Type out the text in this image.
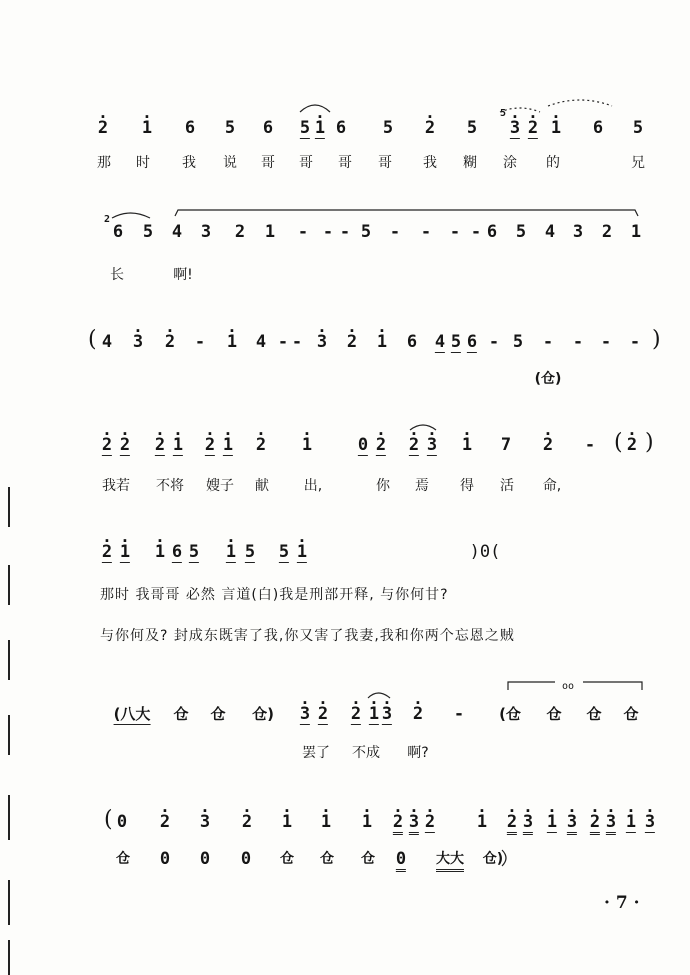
· 2 · 1 6 5 6 5 · 1 6 5 · 2 5
5
· 3 · 2 · 1 6 5
那 时 我 说 哥 哥 哥 哥 我 糊 涂 的	兄
2
6 5 4 3 2 1 - - - 5 - - - - 6 5 4 3 2 1
长	啊!
( 4 · 3 · 2 - · 1 4 - - · 3 · 2 · 1 6 4 5 6 - 5 - - - - )
(仓)
· 2 · 2 · 2 · 1 · 2 · 1 · 2 · 1	0 · 2 · 2 · 3 · 1 7 · 2 - ( · 2 )
我若 不将 嫂子 献 出,	你 焉 得 活 命,
· 2 · 1 · 1 6 5 · 1 5 5 · 1	)0(
那时 我哥哥 必然 言道(白)我是刑部开释, 与你何甘?
与你何及? 封成东既害了我,你又害了我妻,我和你两个忘恩之贼
(八大 仓 仓 仓) · 3 · 2 · 2 · 1 · 3 · 2 - (仓 仓 仓 仓
oo
罢了 不成 啊?
( 0 · 2 · 3 · 2 · 1 · 1 · 1 · 2 · 3 · 2 · 1 · 2 · 3 · 1 · 3 · 2 · 3 · 1 · 3
仓 0 0 0 仓 仓 仓 0 大大 仓)
· 7 ·
